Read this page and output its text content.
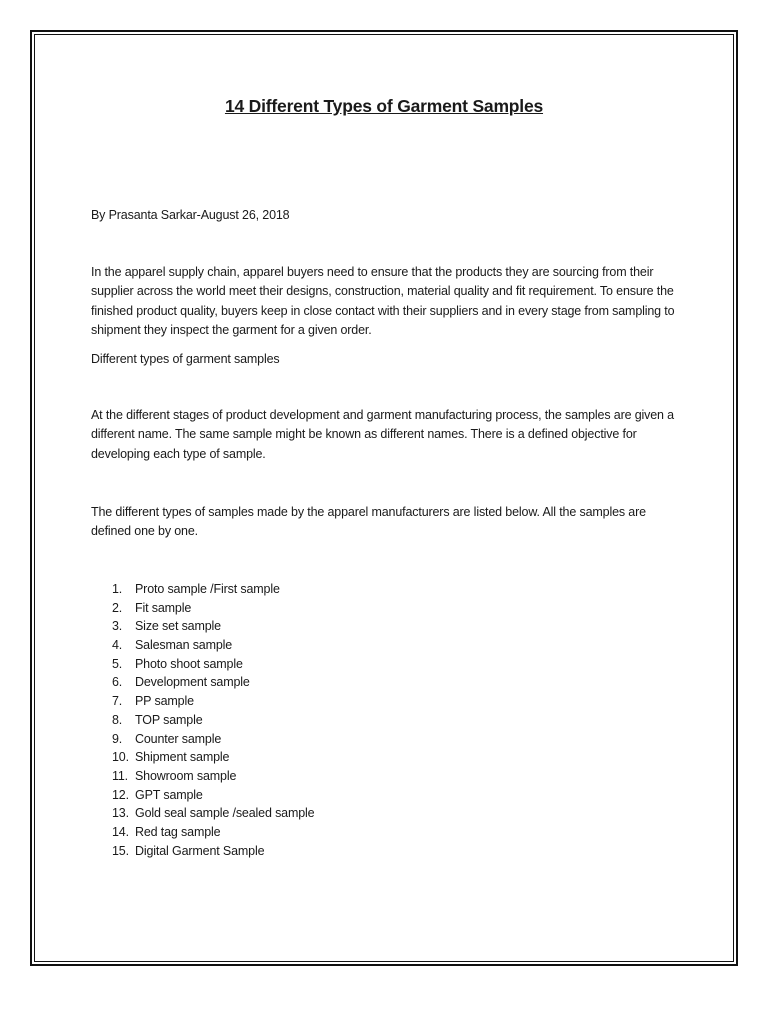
14 Different Types of Garment Samples

By Prasanta Sarkar-August 26, 2018

In the apparel supply chain, apparel buyers need to ensure that the products they are sourcing from their supplier across the world meet their designs, construction, material quality and fit requirement. To ensure the finished product quality, buyers keep in close contact with their suppliers and in every stage from sampling to shipment they inspect the garment for a given order.

Different types of garment samples

At the different stages of product development and garment manufacturing process, the samples are given a different name. The same sample might be known as different names. There is a defined objective for developing each type of sample.

The different types of samples made by the apparel manufacturers are listed below. All the samples are defined one by one.

1. Proto sample /First sample
2. Fit sample
3. Size set sample
4. Salesman sample
5. Photo shoot sample
6. Development sample
7. PP sample
8. TOP sample
9. Counter sample
10. Shipment sample
11. Showroom sample
12. GPT sample
13. Gold seal sample /sealed sample
14. Red tag sample
15. Digital Garment Sample
